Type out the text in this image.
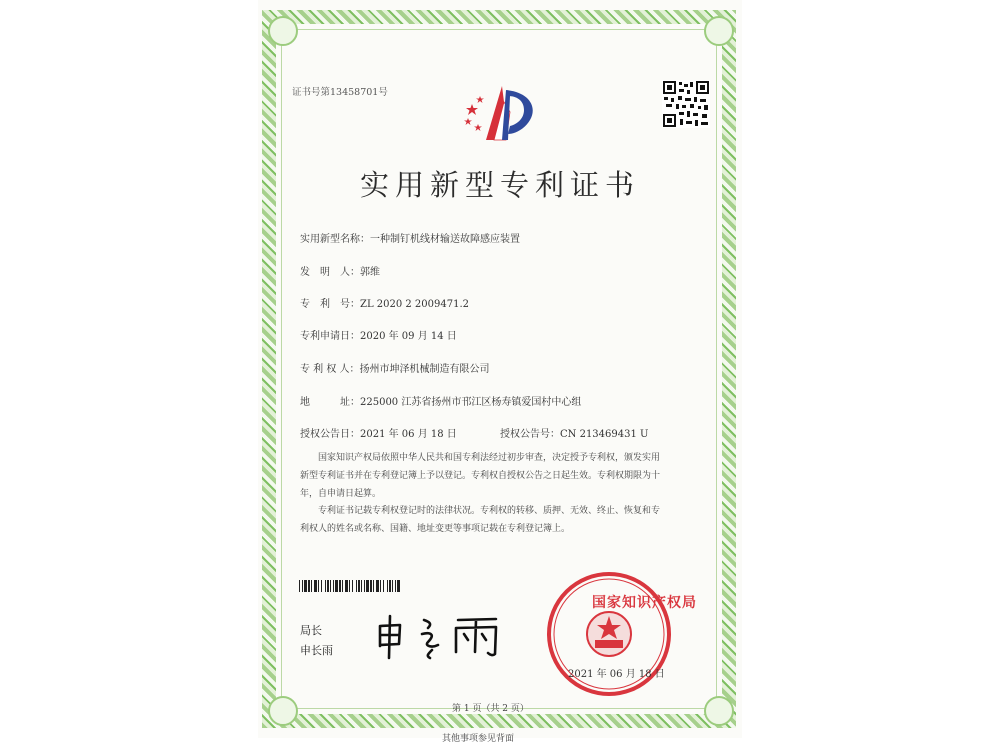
证书号第13458701号
实用新型专利证书
实用新型名称：一种制钉机线材输送故障感应装置
发　明　人：郭维
专　利　号：ZL 2020 2 2009471.2
专利申请日：2020 年 09 月 14 日
专 利 权 人：扬州市坤泽机械制造有限公司
地　　　址：225000 江苏省扬州市邗江区杨寿镇爱国村中心组
授权公告日：2021 年 06 月 18 日	授权公告号：CN 213469431 U
国家知识产权局依照中华人民共和国专利法经过初步审查，决定授予专利权，颁发实用
新型专利证书并在专利登记簿上予以登记。专利权自授权公告之日起生效。专利权期限为十
年，自申请日起算。
专利证书记载专利权登记时的法律状况。专利权的转移、质押、无效、终止、恢复和专
利权人的姓名或名称、国籍、地址变更等事项记载在专利登记簿上。
局长
申长雨
国家知识产权局
2021 年 06 月 18 日
第 1 页（共 2 页）
其他事项参见背面
